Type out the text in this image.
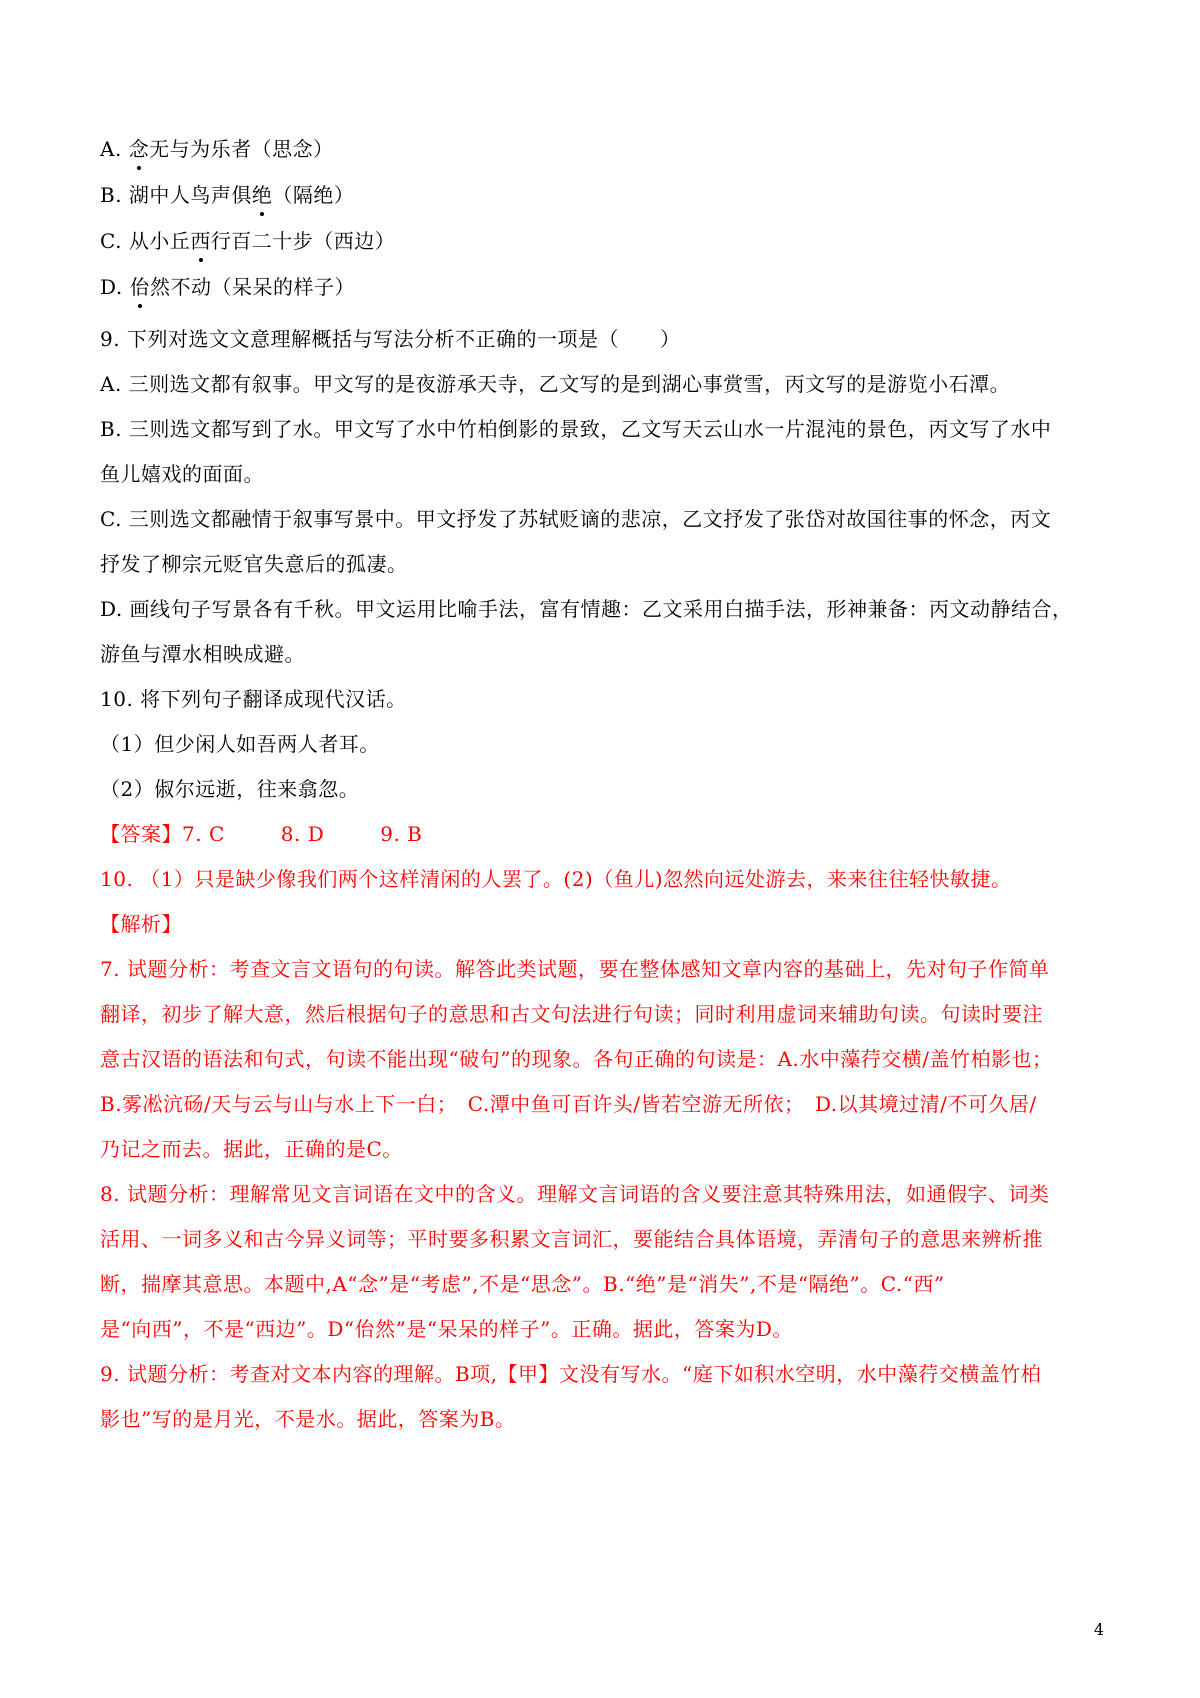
A. 念无与为乐者（思念）
B. 湖中人鸟声俱绝（隔绝）
C. 从小丘西行百二十步（西边）
D. 佁然不动（呆呆的样子）
9. 下列对选文文意理解概括与写法分析不正确的一项是（　　）
A. 三则选文都有叙事。甲文写的是夜游承天寺，乙文写的是到湖心事赏雪，丙文写的是游览小石潭。
B. 三则选文都写到了水。甲文写了水中竹柏倒影的景致，乙文写天云山水一片混沌的景色，丙文写了水中
鱼儿嬉戏的面面。
C. 三则选文都融情于叙事写景中。甲文抒发了苏轼贬谪的悲凉，乙文抒发了张岱对故国往事的怀念，丙文
抒发了柳宗元贬官失意后的孤凄。
D. 画线句子写景各有千秋。甲文运用比喻手法，富有情趣：乙文采用白描手法，形神兼备：丙文动静结合，
游鱼与潭水相映成避。
10. 将下列句子翻译成现代汉话。
（1）但少闲人如吾两人者耳。
（2）俶尔远逝，往来翕忽。
【答案】7. C	8. D	9. B
10. （1）只是缺少像我们两个这样清闲的人罢了。(2)（鱼儿)忽然向远处游去，来来往往轻快敏捷。
【解析】
7. 试题分析：考查文言文语句的句读。解答此类试题，要在整体感知文章内容的基础上，先对句子作简单
翻译，初步了解大意，然后根据句子的意思和古文句法进行句读；同时利用虚词来辅助句读。句读时要注
意古汉语的语法和句式，句读不能出现“破句”的现象。各句正确的句读是：A.水中藻荇交横/盖竹柏影也；
B.雾凇沆砀/天与云与山与水上下一白；　C.潭中鱼可百许头/皆若空游无所依；　D.以其境过清/不可久居/
乃记之而去。据此，正确的是C。
8. 试题分析：理解常见文言词语在文中的含义。理解文言词语的含义要注意其特殊用法，如通假字、词类
活用、一词多义和古今异义词等；平时要多积累文言词汇，要能结合具体语境，弄清句子的意思来辨析推
断，揣摩其意思。本题中,A“念”是“考虑”,不是“思念”。B.“绝”是“消失”,不是“隔绝”。C.“西”
是“向西”，不是“西边”。D“佁然”是“呆呆的样子”。正确。据此，答案为D。
9. 试题分析：考查对文本内容的理解。B项,【甲】文没有写水。“庭下如积水空明，水中藻荇交横盖竹柏
影也”写的是月光，不是水。据此，答案为B。
4
